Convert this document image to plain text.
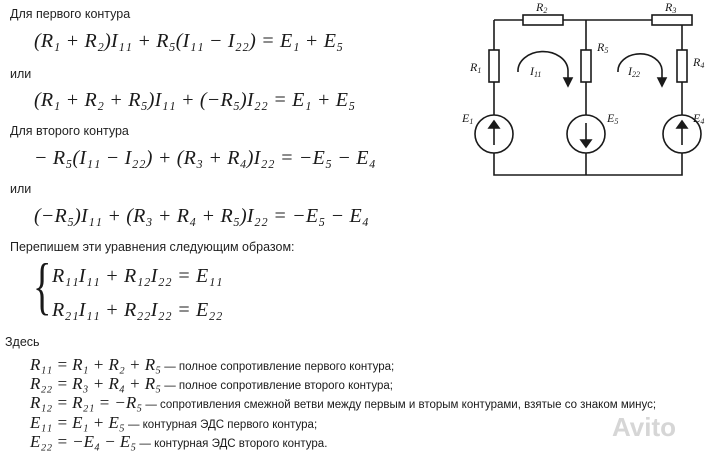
Для первого контура
(R₁ + R₂)I₁₁ + R₅(I₁₁ − I₂₂) = E₁ + E₅
или
(R₁ + R₂ + R₅)I₁₁ + (−R₅)I₂₂ = E₁ + E₅
Для второго контура
− R₅(I₁₁ − I₂₂) + (R₃ + R₄)I₂₂ = −E₅ − E₄
или
(−R₅)I₁₁ + (R₃ + R₄ + R₅)I₂₂ = −E₅ − E₄
Перепишем эти уравнения следующим образом:
{ R₁₁I₁₁ + R₁₂I₂₂ = E₁₁
R₂₁I₁₁ + R₂₂I₂₂ = E₂₂
Здесь
R₁₁ = R₁ + R₂ + R₅ — полное сопротивление первого контура;
R₂₂ = R₃ + R₄ + R₅ — полное сопротивление второго контура;
R₁₂ = R₂₁ = −R₅ — сопротивления смежной ветви между первым и вторым контурами, взятые со знаком минус;
E₁₁ = E₁ + E₅ — контурная ЭДС первого контура;
E₂₂ = −E₄ − E₅ — контурная ЭДС второго контура.
R2	R3
R1
R5
R4
E1	E5	E4
I11	I22
Avito
